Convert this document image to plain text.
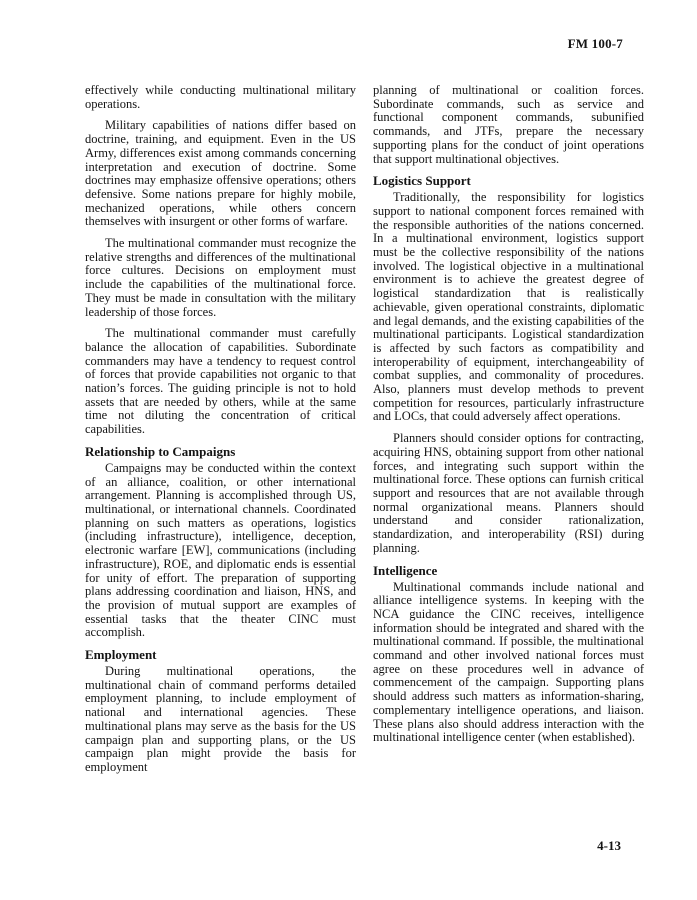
FM 100-7

effectively while conducting multinational military operations.

Military capabilities of nations differ based on doctrine, training, and equipment. Even in the US Army, differences exist among commands concerning interpretation and execution of doctrine. Some doctrines may emphasize offensive operations; others defensive. Some nations prepare for highly mobile, mechanized operations, while others concern themselves with insurgent or other forms of warfare.

The multinational commander must recognize the relative strengths and differences of the multinational force cultures. Decisions on employment must include the capabilities of the multinational force. They must be made in consultation with the military leadership of those forces.

The multinational commander must carefully balance the allocation of capabilities. Subordinate commanders may have a tendency to request control of forces that provide capabilities not organic to that nation’s forces. The guiding principle is not to hold assets that are needed by others, while at the same time not diluting the concentration of critical capabilities.

Relationship to Campaigns

Campaigns may be conducted within the context of an alliance, coalition, or other international arrangement. Planning is accomplished through US, multinational, or international channels. Coordinated planning on such matters as operations, logistics (including infrastructure), intelligence, deception, electronic warfare [EW], communications (including infrastructure), ROE, and diplomatic ends is essential for unity of effort. The preparation of supporting plans addressing coordination and liaison, HNS, and the provision of mutual support are examples of essential tasks that the theater CINC must accomplish.

Employment

During multinational operations, the multinational chain of command performs detailed employment planning, to include employment of national and international agencies. These multinational plans may serve as the basis for the US campaign plan and supporting plans, or the US campaign plan might provide the basis for employment

planning of multinational or coalition forces. Subordinate commands, such as service and functional component commands, subunified commands, and JTFs, prepare the necessary supporting plans for the conduct of joint operations that support multinational objectives.

Logistics Support

Traditionally, the responsibility for logistics support to national component forces remained with the responsible authorities of the nations concerned. In a multinational environment, logistics support must be the collective responsibility of the nations involved. The logistical objective in a multinational environment is to achieve the greatest degree of logistical standardization that is realistically achievable, given operational constraints, diplomatic and legal demands, and the existing capabilities of the multinational participants. Logistical standardization is affected by such factors as compatibility and interoperability of equipment, interchangeability of combat supplies, and commonality of procedures. Also, planners must develop methods to prevent competition for resources, particularly infrastructure and LOCs, that could adversely affect operations.

Planners should consider options for contracting, acquiring HNS, obtaining support from other national forces, and integrating such support within the multinational force. These options can furnish critical support and resources that are not available through normal organizational means. Planners should understand and consider rationalization, standardization, and interoperability (RSI) during planning.

Intelligence

Multinational commands include national and alliance intelligence systems. In keeping with the NCA guidance the CINC receives, intelligence information should be integrated and shared with the multinational command. If possible, the multinational command and other involved national forces must agree on these procedures well in advance of commencement of the campaign. Supporting plans should address such matters as information-sharing, complementary intelligence operations, and liaison. These plans also should address interaction with the multinational intelligence center (when established).

4-13
